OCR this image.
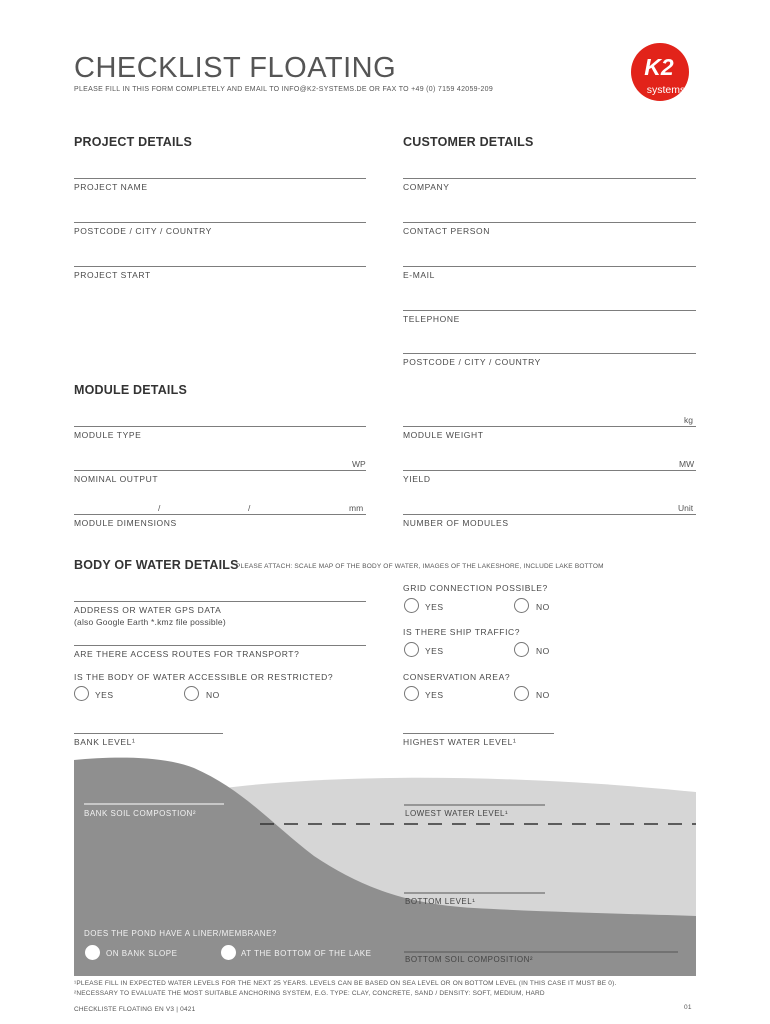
CHECKLIST FLOATING
PLEASE FILL IN THIS FORM COMPLETELY AND EMAIL TO INFO@K2-SYSTEMS.DE OR FAX TO +49 (0) 7159 42059-209
K2
systems
PROJECT DETAILS
PROJECT NAME
POSTCODE / CITY / COUNTRY
PROJECT START
CUSTOMER DETAILS
COMPANY
CONTACT PERSON
E-MAIL
TELEPHONE
POSTCODE / CITY / COUNTRY
MODULE DETAILS
MODULE TYPE
kg
MODULE WEIGHT
WP
NOMINAL OUTPUT
MW
YIELD
/	/	mm
MODULE DIMENSIONS
Unit
NUMBER OF MODULES
BODY OF WATER DETAILS
PLEASE ATTACH: SCALE MAP OF THE BODY OF WATER, IMAGES OF THE LAKESHORE, INCLUDE LAKE BOTTOM
ADDRESS OR WATER GPS DATA
(also Google Earth *.kmz file possible)
ARE THERE ACCESS ROUTES FOR TRANSPORT?
IS THE BODY OF WATER ACCESSIBLE OR RESTRICTED?
YES	NO
BANK LEVEL¹
GRID CONNECTION POSSIBLE?
YES	NO
IS THERE SHIP TRAFFIC?
YES	NO
CONSERVATION AREA?
YES	NO
HIGHEST WATER LEVEL¹
BANK SOIL COMPOSTION²	LOWEST WATER LEVEL¹
BOTTOM LEVEL¹
DOES THE POND HAVE A LINER/MEMBRANE?
ON BANK SLOPE	AT THE BOTTOM OF THE LAKE
BOTTOM SOIL COMPOSITION²
¹PLEASE FILL IN EXPECTED WATER LEVELS FOR THE NEXT 25 YEARS. LEVELS CAN BE BASED ON SEA LEVEL OR ON BOTTOM LEVEL (IN THIS CASE IT MUST BE 0).
²NECESSARY TO EVALUATE THE MOST SUITABLE ANCHORING SYSTEM, E.G. TYPE: CLAY, CONCRETE, SAND / DENSITY: SOFT, MEDIUM, HARD
CHECKLISTE FLOATING EN V3 | 0421	01
